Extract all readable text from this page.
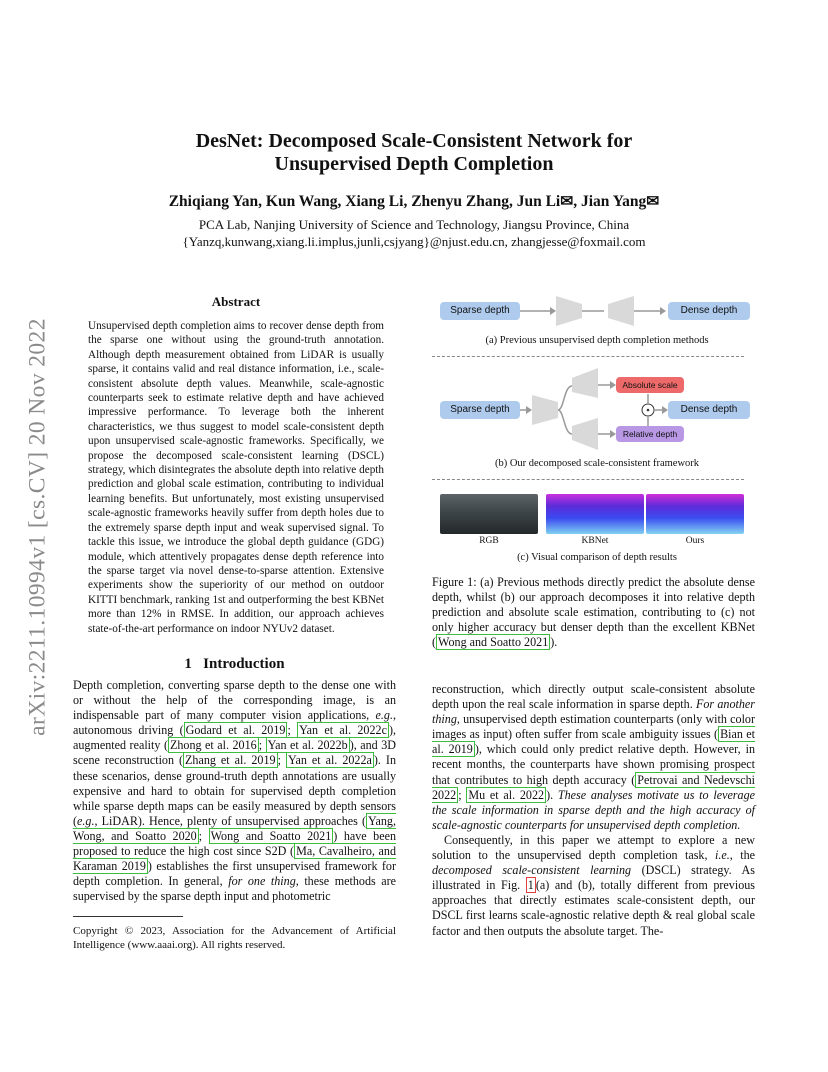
DesNet: Decomposed Scale-Consistent Network for
Unsupervised Depth Completion
Zhiqiang Yan, Kun Wang, Xiang Li, Zhenyu Zhang, Jun Li✉, Jian Yang✉
PCA Lab, Nanjing University of Science and Technology, Jiangsu Province, China
{Yanzq,kunwang,xiang.li.implus,junli,csjyang}@njust.edu.cn, zhangjesse@foxmail.com
arXiv:2211.10994v1 [cs.CV] 20 Nov 2022
Abstract
Unsupervised depth completion aims to recover dense depth from the sparse one without using the ground-truth annotation. Although depth measurement obtained from LiDAR is usually sparse, it contains valid and real distance information, i.e., scale-consistent absolute depth values. Meanwhile, scale-agnostic counterparts seek to estimate relative depth and have achieved impressive performance. To leverage both the inherent characteristics, we thus suggest to model scale-consistent depth upon unsupervised scale-agnostic frameworks. Specifically, we propose the decomposed scale-consistent learning (DSCL) strategy, which disintegrates the absolute depth into relative depth prediction and global scale estimation, contributing to individual learning benefits. But unfortunately, most existing unsupervised scale-agnostic frameworks heavily suffer from depth holes due to the extremely sparse depth input and weak supervised signal. To tackle this issue, we introduce the global depth guidance (GDG) module, which attentively propagates dense depth reference into the sparse target via novel dense-to-sparse attention. Extensive experiments show the superiority of our method on outdoor KITTI benchmark, ranking 1st and outperforming the best KBNet more than 12% in RMSE. In addition, our approach achieves state-of-the-art performance on indoor NYUv2 dataset.
1 Introduction

Depth completion, converting sparse depth to the dense one with or without the help of the corresponding image, is an indispensable part of many computer vision applications, e.g., autonomous driving ( Godard et al. 2019 ; Yan et al. 2022c ), augmented reality ( Zhong et al. 2016 ; Yan et al. 2022b ), and 3D scene reconstruction ( Zhang et al. 2019 ; Yan et al. 2022a ). In these scenarios, dense ground-truth depth annotations are usually expensive and hard to obtain for supervised depth completion while sparse depth maps can be easily measured by depth sensors (e.g., LiDAR). Hence, plenty of unsupervised approaches ( Yang, Wong, and Soatto 2020 ; Wong and Soatto 2021 ) have been proposed to reduce the high cost since S2D ( Ma, Cavalheiro, and Karaman 2019 ) establishes the first unsupervised framework for depth completion. In general, for one thing, these methods are supervised by the sparse depth input and photometric

Copyright © 2023, Association for the Advancement of Artificial Intelligence (www.aaai.org). All rights reserved.
Sparse depth	Dense depth
(a) Previous unsupervised depth completion methods
Sparse depth
Absolute scale
Relative depth
Dense depth
(b) Our decomposed scale-consistent framework
RGB	KBNet	Ours
(c) Visual comparison of depth results
Figure 1: (a) Previous methods directly predict the absolute dense depth, whilst (b) our approach decomposes it into relative depth prediction and absolute scale estimation, contributing to (c) not only higher accuracy but denser depth than the excellent KBNet ( Wong and Soatto 2021 ).

reconstruction, which directly output scale-consistent absolute depth upon the real scale information in sparse depth. For another thing, unsupervised depth estimation counterparts (only with color images as input) often suffer from scale ambiguity issues ( Bian et al. 2019 ), which could only predict relative depth. However, in recent months, the counterparts have shown promising prospect that contributes to high depth accuracy ( Petrovai and Nedevschi 2022 ; Mu et al. 2022 ). These analyses motivate us to leverage the scale information in sparse depth and the high accuracy of scale-agnostic counterparts for unsupervised depth completion.

Consequently, in this paper we attempt to explore a new solution to the unsupervised depth completion task, i.e., the decomposed scale-consistent learning (DSCL) strategy. As illustrated in Fig. 1 (a) and (b), totally different from previous approaches that directly estimates scale-consistent depth, our DSCL first learns scale-agnostic relative depth & real global scale factor and then outputs the absolute target. The-
